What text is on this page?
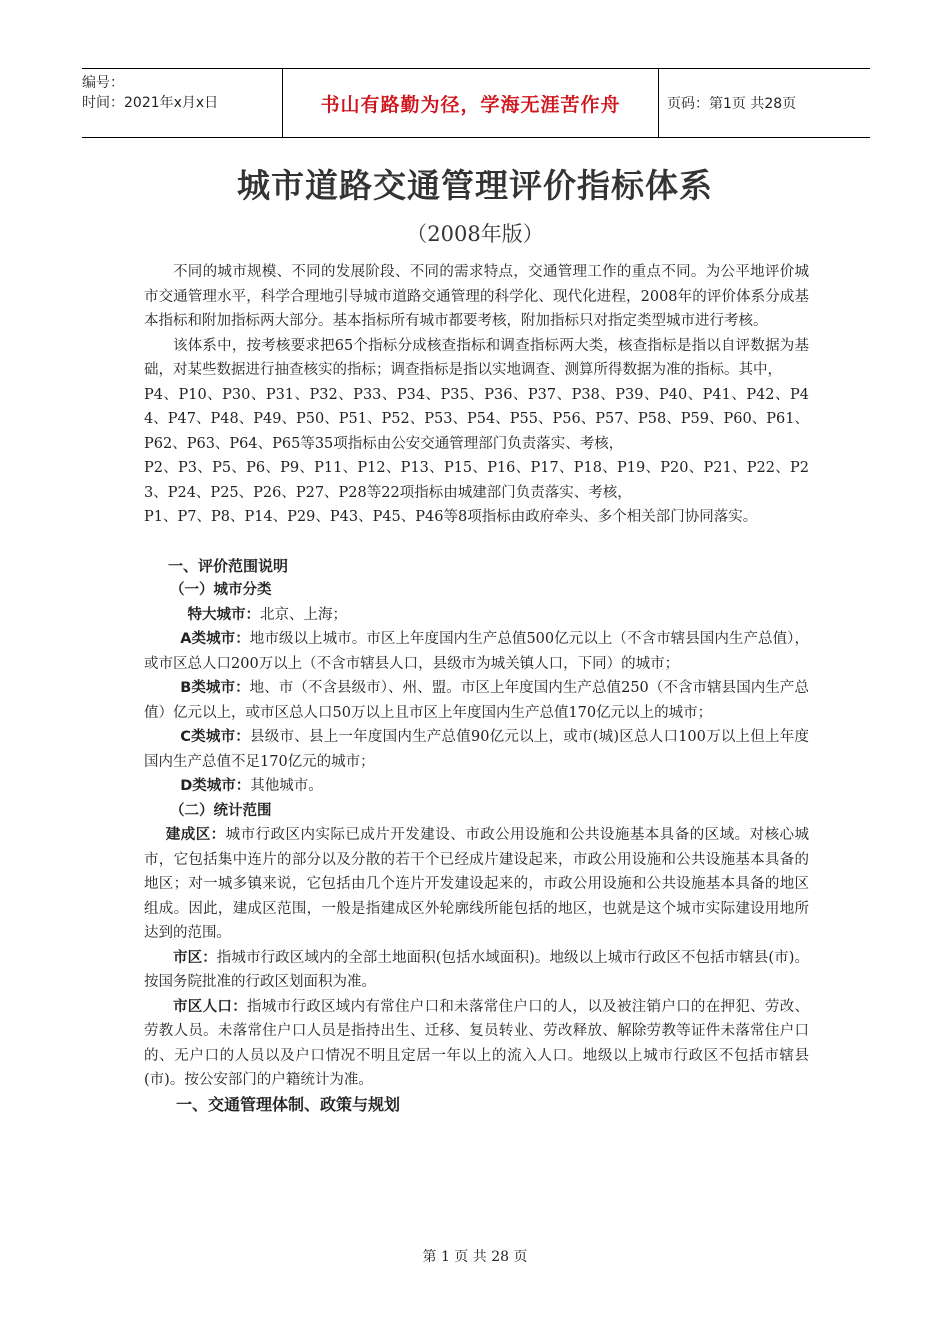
编号：
时间：2021年x月x日	书山有路勤为径，学海无涯苦作舟	页码：第1页 共28页
城市道路交通管理评价指标体系
（2008年版）

不同的城市规模、不同的发展阶段、不同的需求特点，交通管理工作的重点不同。为公平地评价城市交通管理水平，科学合理地引导城市道路交通管理的科学化、现代化进程，2008年的评价体系分成基本指标和附加指标两大部分。基本指标所有城市都要考核，附加指标只对指定类型城市进行考核。

该体系中，按考核要求把65个指标分成核查指标和调查指标两大类，核查指标是指以自评数据为基础，对某些数据进行抽查核实的指标；调查指标是指以实地调查、测算所得数据为准的指标。其中，

P4、P10、P30、P31、P32、P33、P34、P35、P36、P37、P38、P39、P40、P41、P42、P44、P47、P48、P49、P50、P51、P52、P53、P54、P55、P56、P57、P58、P59、P60、P61、P62、P63、P64、P65等35项指标由公安交通管理部门负责落实、考核，

P2、P3、P5、P6、P9、P11、P12、P13、P15、P16、P17、P18、P19、P20、P21、P22、P23、P24、P25、P26、P27、P28等22项指标由城建部门负责落实、考核，

P1、P7、P8、P14、P29、P43、P45、P46等8项指标由政府牵头、多个相关部门协同落实。

一、评价范围说明

（一）城市分类

特大城市：北京、上海；

A类城市：地市级以上城市。市区上年度国内生产总值500亿元以上（不含市辖县国内生产总值），或市区总人口200万以上（不含市辖县人口，县级市为城关镇人口，下同）的城市；

B类城市：地、市（不含县级市）、州、盟。市区上年度国内生产总值250（不含市辖县国内生产总值）亿元以上，或市区总人口50万以上且市区上年度国内生产总值170亿元以上的城市；

C类城市：县级市、县上一年度国内生产总值90亿元以上，或市(城)区总人口100万以上但上年度国内生产总值不足170亿元的城市；

D类城市：其他城市。

（二）统计范围

建成区：城市行政区内实际已成片开发建设、市政公用设施和公共设施基本具备的区域。对核心城市，它包括集中连片的部分以及分散的若干个已经成片建设起来，市政公用设施和公共设施基本具备的地区；对一城多镇来说，它包括由几个连片开发建设起来的，市政公用设施和公共设施基本具备的地区组成。因此，建成区范围，一般是指建成区外轮廓线所能包括的地区，也就是这个城市实际建设用地所达到的范围。

市区：指城市行政区域内的全部土地面积(包括水域面积)。地级以上城市行政区不包括市辖县(市)。按国务院批准的行政区划面积为准。

市区人口：指城市行政区域内有常住户口和未落常住户口的人，以及被注销户口的在押犯、劳改、劳教人员。未落常住户口人员是指持出生、迁移、复员转业、劳改释放、解除劳教等证件未落常住户口的、无户口的人员以及户口情况不明且定居一年以上的流入人口。地级以上城市行政区不包括市辖县(市)。按公安部门的户籍统计为准。

一、交通管理体制、政策与规划

第 1 页 共 28 页
